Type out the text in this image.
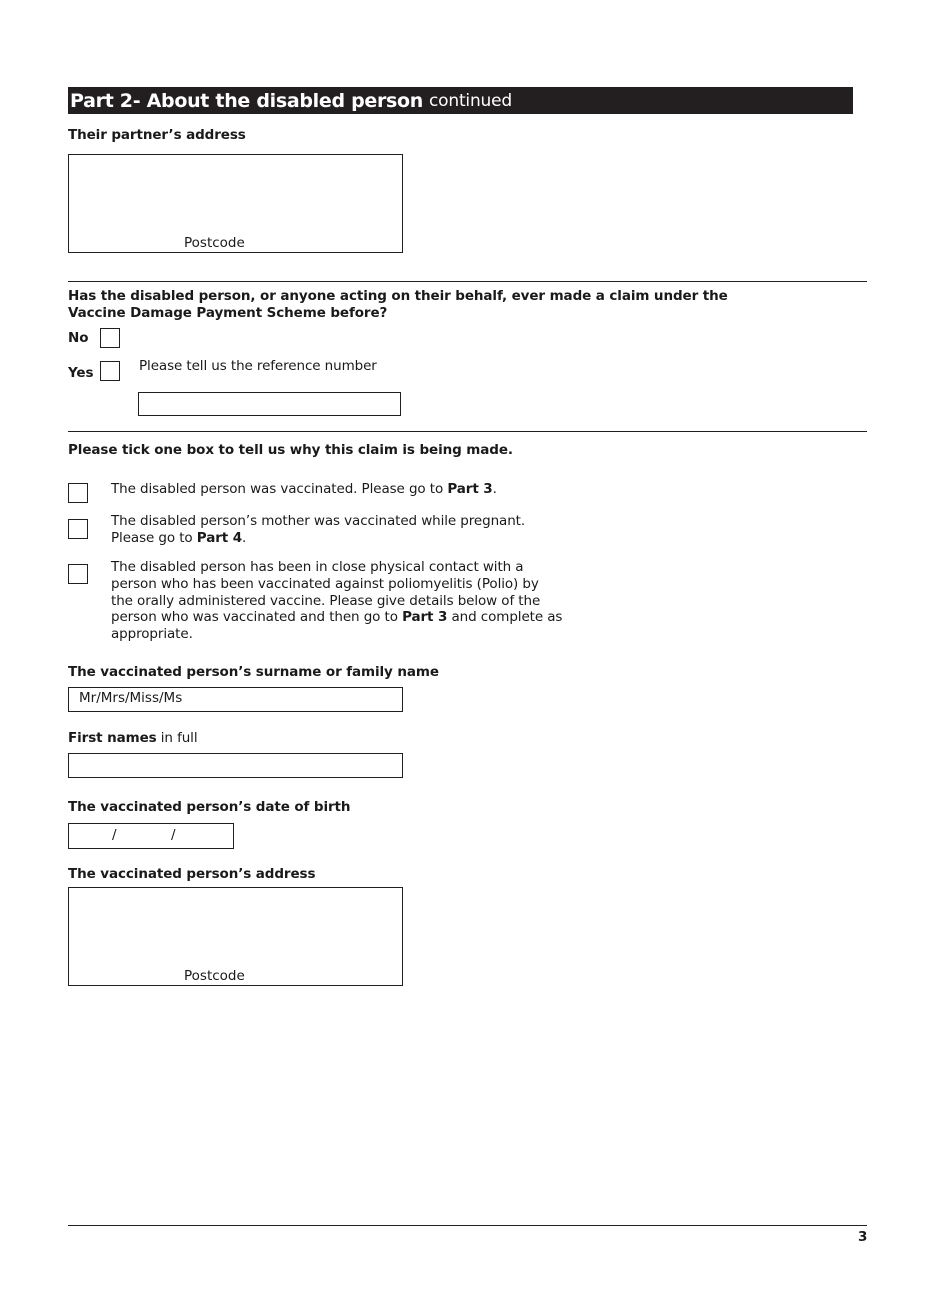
Part 2- About the disabled person continued
Their partner’s address
Postcode
Has the disabled person, or anyone acting on their behalf, ever made a claim under the
Vaccine Damage Payment Scheme before?
No
Yes	Please tell us the reference number
Please tick one box to tell us why this claim is being made.
The disabled person was vaccinated. Please go to Part 3.
The disabled person’s mother was vaccinated while pregnant.
Please go to Part 4.
The disabled person has been in close physical contact with a
person who has been vaccinated against poliomyelitis (Polio) by
the orally administered vaccine. Please give details below of the
person who was vaccinated and then go to Part 3 and complete as
appropriate.
The vaccinated person’s surname or family name
Mr/Mrs/Miss/Ms
First names in full
The vaccinated person’s date of birth
/	/
The vaccinated person’s address
Postcode
3
